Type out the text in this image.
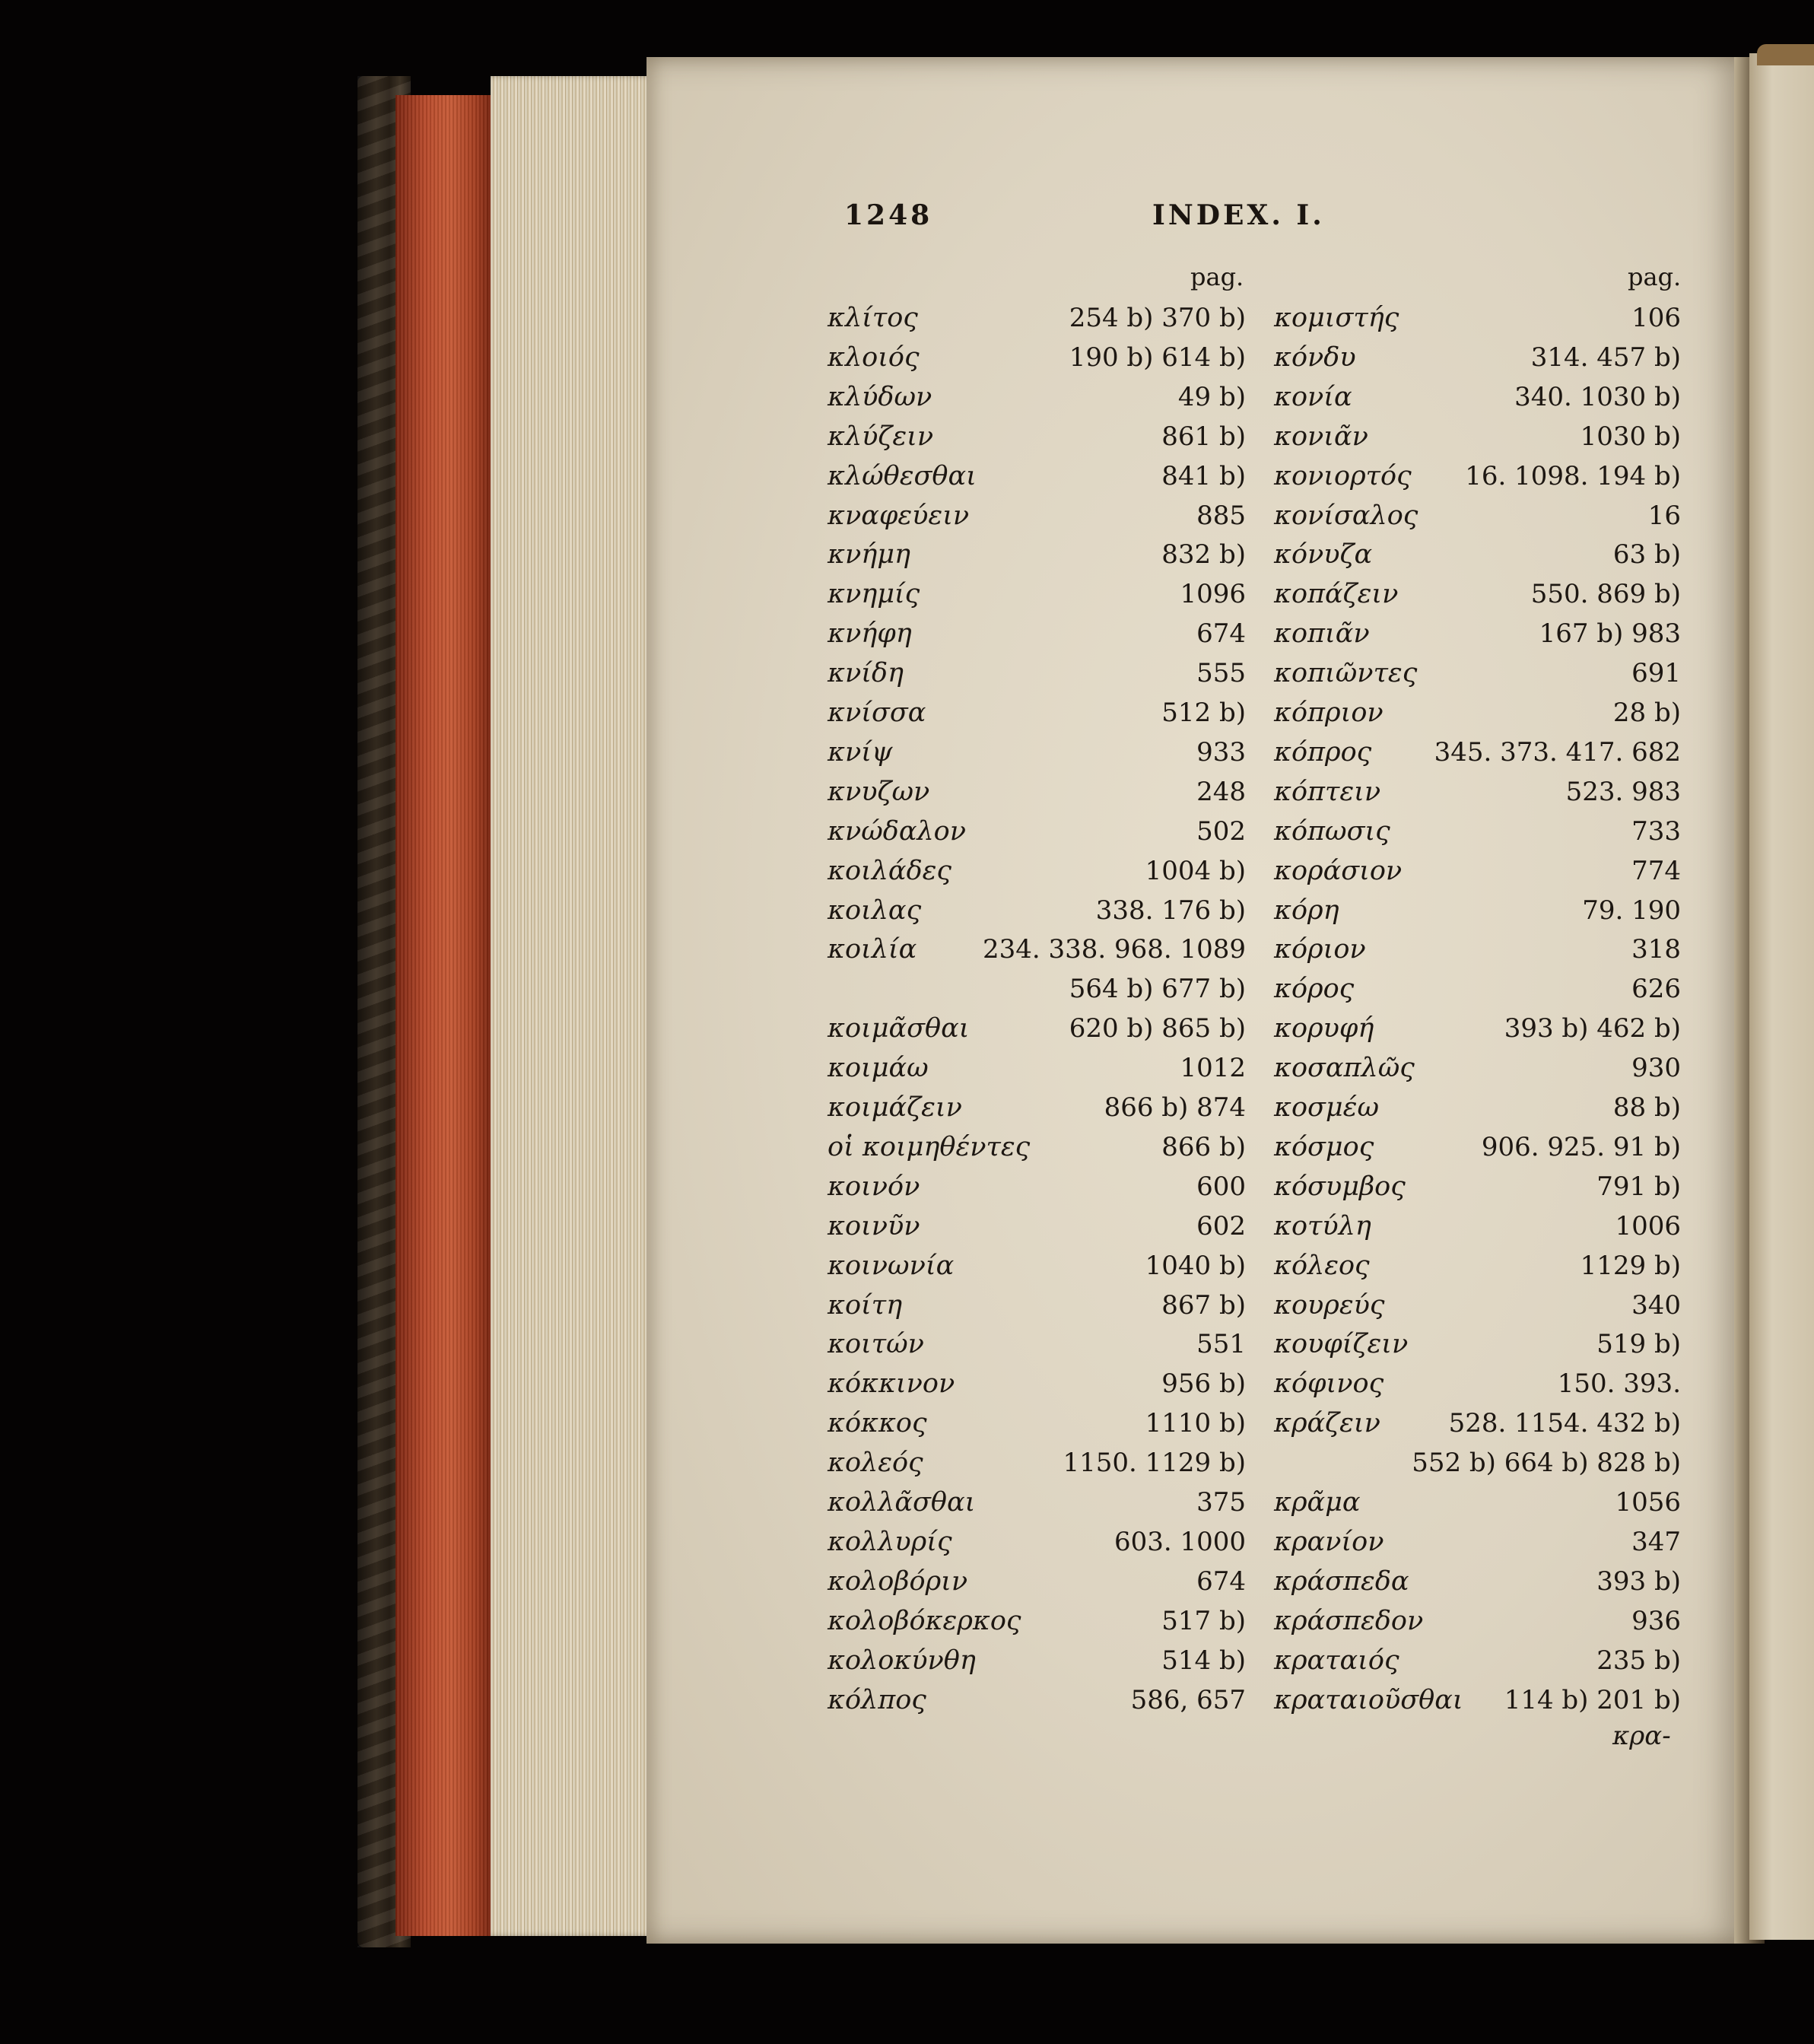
1248	INDEX. I.
pag.	pag.
κλίτος	254 b) 370 b)
κλοιός	190 b) 614 b)
κλύδων	49 b)
κλύζειν	861 b)
κλώθεσθαι	841 b)
κναφεύειν	885
κνήμη	832 b)
κνημίς	1096
κνήφη	674
κνίδη	555
κνίσσα	512 b)
κνίψ	933
κνυζων	248
κνώδαλον	502
κοιλάδες	1004 b)
κοιλας	338. 176 b)
κοιλία	234. 338. 968. 1089
564 b) 677 b)
κοιμᾶσθαι	620 b) 865 b)
κοιμάω	1012
κοιμάζειν	866 b) 874
οἱ κοιμηθέντες	866 b)
κοινόν	600
κοινῦν	602
κοινωνία	1040 b)
κοίτη	867 b)
κοιτών	551
κόκκινον	956 b)
κόκκος	1110 b)
κολεός	1150. 1129 b)
κολλᾶσθαι	375
κολλυρίς	603. 1000
κολοβόριν	674
κολοβόκερκος	517 b)
κολοκύνθη	514 b)
κόλπος	586, 657
κομιστής	106
κόνδυ	314. 457 b)
κονία	340. 1030 b)
κονιᾶν	1030 b)
κονιορτός 16. 1098. 194 b)
κονίσαλος	16
κόνυζα	63 b)
κοπάζειν	550. 869 b)
κοπιᾶν	167 b) 983
κοπιῶντες	691
κόπριον	28 b)
κόπρος 345. 373. 417. 682
κόπτειν	523. 983
κόπωσις	733
κοράσιον	774
κόρη	79. 190
κόριον	318
κόρος	626
κορυφή	393 b) 462 b)
κοσαπλῶς	930
κοσμέω	88 b)
κόσμος	906. 925. 91 b)
κόσυμβος	791 b)
κοτύλη	1006
κόλεος	1129 b)
κουρεύς	340
κουφίζειν	519 b)
κόφινος	150. 393.
κράζειν	528. 1154. 432 b)
552 b) 664 b) 828 b)
κρᾶμα	1056
κρανίον	347
κράσπεδα	393 b)
κράσπεδον	936
κραταιός	235 b)
κραταιοῦσθαι 114 b) 201 b)
κρα-
